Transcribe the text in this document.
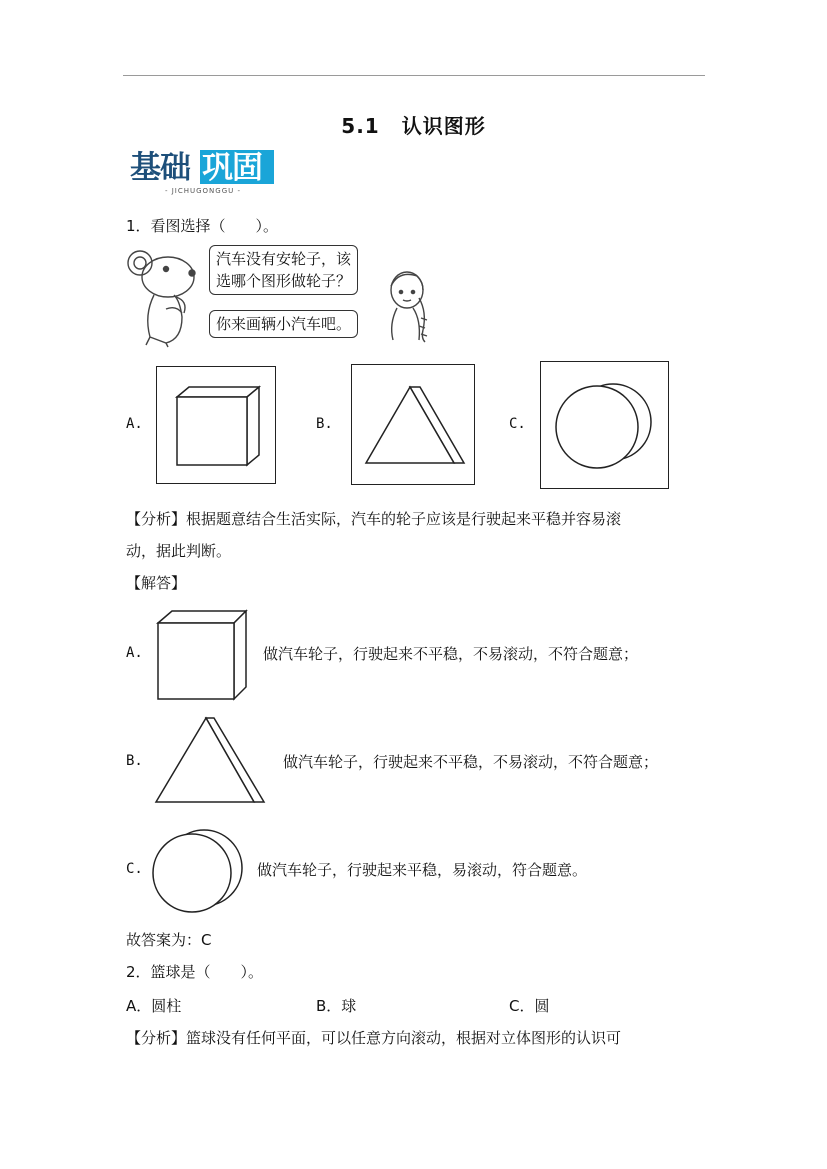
5.1 认识图形
基础 巩固
- JICHUGONGGU -
1．看图选择（　　）。
汽车没有安轮子，该
选哪个图形做轮子？
你来画辆小汽车吧。
A.	B.	C.
【分析】根据题意结合生活实际，汽车的轮子应该是行驶起来平稳并容易滚
动，据此判断。
【解答】
A.	做汽车轮子，行驶起来不平稳，不易滚动，不符合题意；
B.	做汽车轮子，行驶起来不平稳，不易滚动，不符合题意；
C.	做汽车轮子，行驶起来平稳，易滚动，符合题意。
故答案为：C
2．篮球是（　　）。
A．圆柱	B．球	C．圆
【分析】篮球没有任何平面，可以任意方向滚动，根据对立体图形的认识可
